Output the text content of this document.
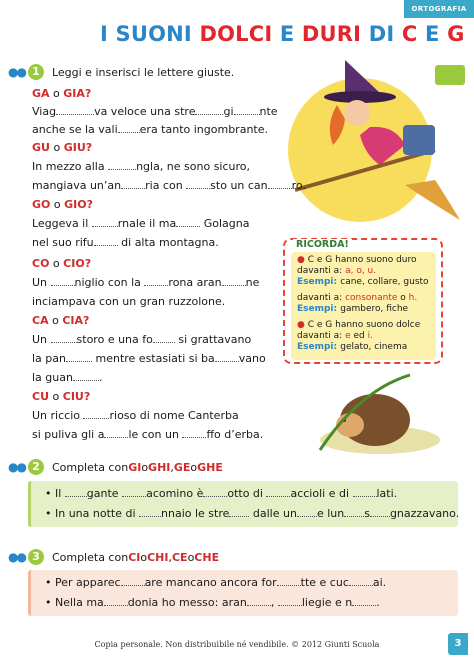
ORTOGRAFIA
I SUONI DOLCI E DURI DI C E G
●● 1	Leggi e inserisci le lettere giuste.
GA o GIA?
Viag	va veloce una stre	gi nte
anche se la vali era tanto ingombrante.
GU o GIU?
In mezzo alla	ngla, ne sono sicuro,
mangiava un’an ria con sto un can ro.
GO o GIO?
Leggeva il rnale il ma Golagna
nel suo rifu di alta montagna.
CO o CIO?
Un niglio con la rona aran ne
inciampava con un gran ruzzolone.
CA o CIA?
Un storo e una fo si grattavano
la pan mentre estasiati si ba vano
la guan .
CU o CIU?
Un riccio rioso di nome Canterba
si puliva gli a le con un ffo d’erba.
RICORDA!
● C e G hanno suono duro
davanti a: a, o, u.
Esempi: cane, collare, gusto
davanti a: consonante o h.
Esempi: gambero, fiche
● C e G hanno suono dolce
davanti a: e ed i.
Esempi: gelato, cinema
●● 2	Completa con GI o GHI , GE o GHE
• Il gante acomino è otto di accioli e di lati.
• In una notte di nnaio le stre dalle un e lun s gnazzavano.
●● 3	Completa con CI o CHI , CE o CHE
• Per apparec are mancano ancora for tte e cuc ai.
• Nella ma donia ho messo: aran , liegie e n .
Copia personale. Non distribuibile né vendibile. © 2012 Giunti Scuola	3
